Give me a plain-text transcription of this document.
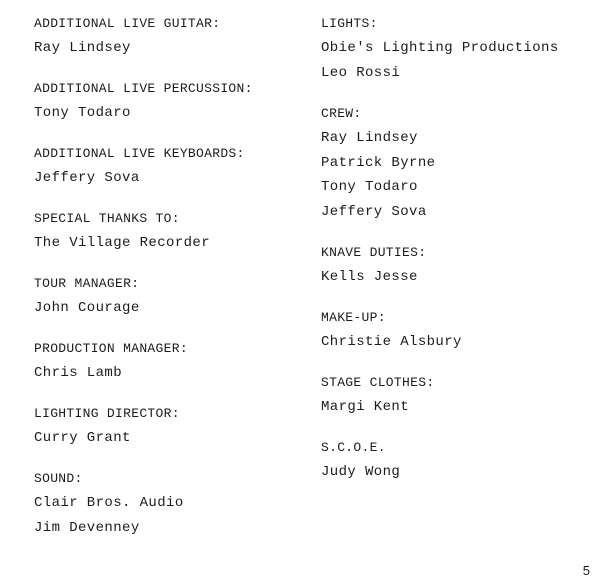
ADDITIONAL LIVE GUITAR:
Ray Lindsey
ADDITIONAL LIVE PERCUSSION:
Tony Todaro
ADDITIONAL LIVE KEYBOARDS:
Jeffery Sova
SPECIAL THANKS TO:
The Village Recorder
TOUR MANAGER:
John Courage
PRODUCTION MANAGER:
Chris Lamb
LIGHTING DIRECTOR:
Curry Grant
SOUND:
Clair Bros. Audio
Jim Devenney
LIGHTS:
Obie's Lighting Productions
Leo Rossi
CREW:
Ray Lindsey
Patrick Byrne
Tony Todaro
Jeffery Sova
KNAVE DUTIES:
Kells Jesse
MAKE-UP:
Christie Alsbury
STAGE CLOTHES:
Margi Kent
S.C.O.E.
Judy Wong
5
